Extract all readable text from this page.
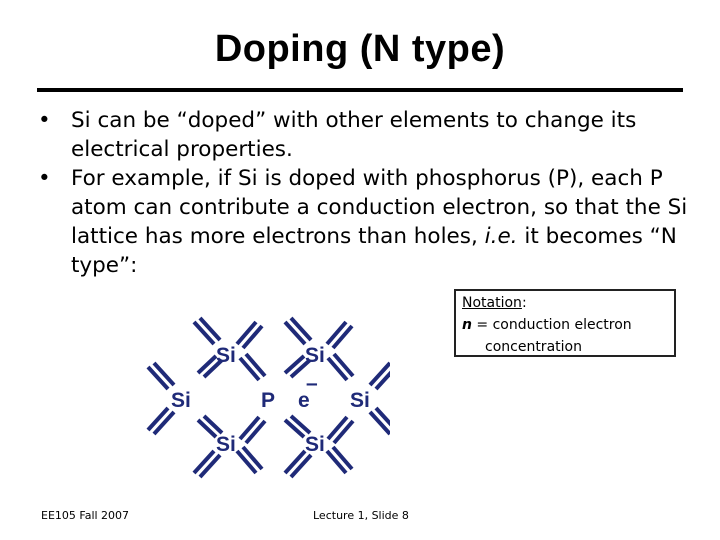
Doping (N type)
• Si can be “doped” with other elements to change its electrical properties.
• For example, if Si is doped with phosphorus (P), each P atom can contribute a conduction electron, so that the Si lattice has more electrons than holes, i.e. it becomes “N type”:
Notation:
n = conduction electron
concentration
Si	Si
Si	P e
–
Si
Si	Si
EE105 Fall 2007	Lecture 1, Slide 8
